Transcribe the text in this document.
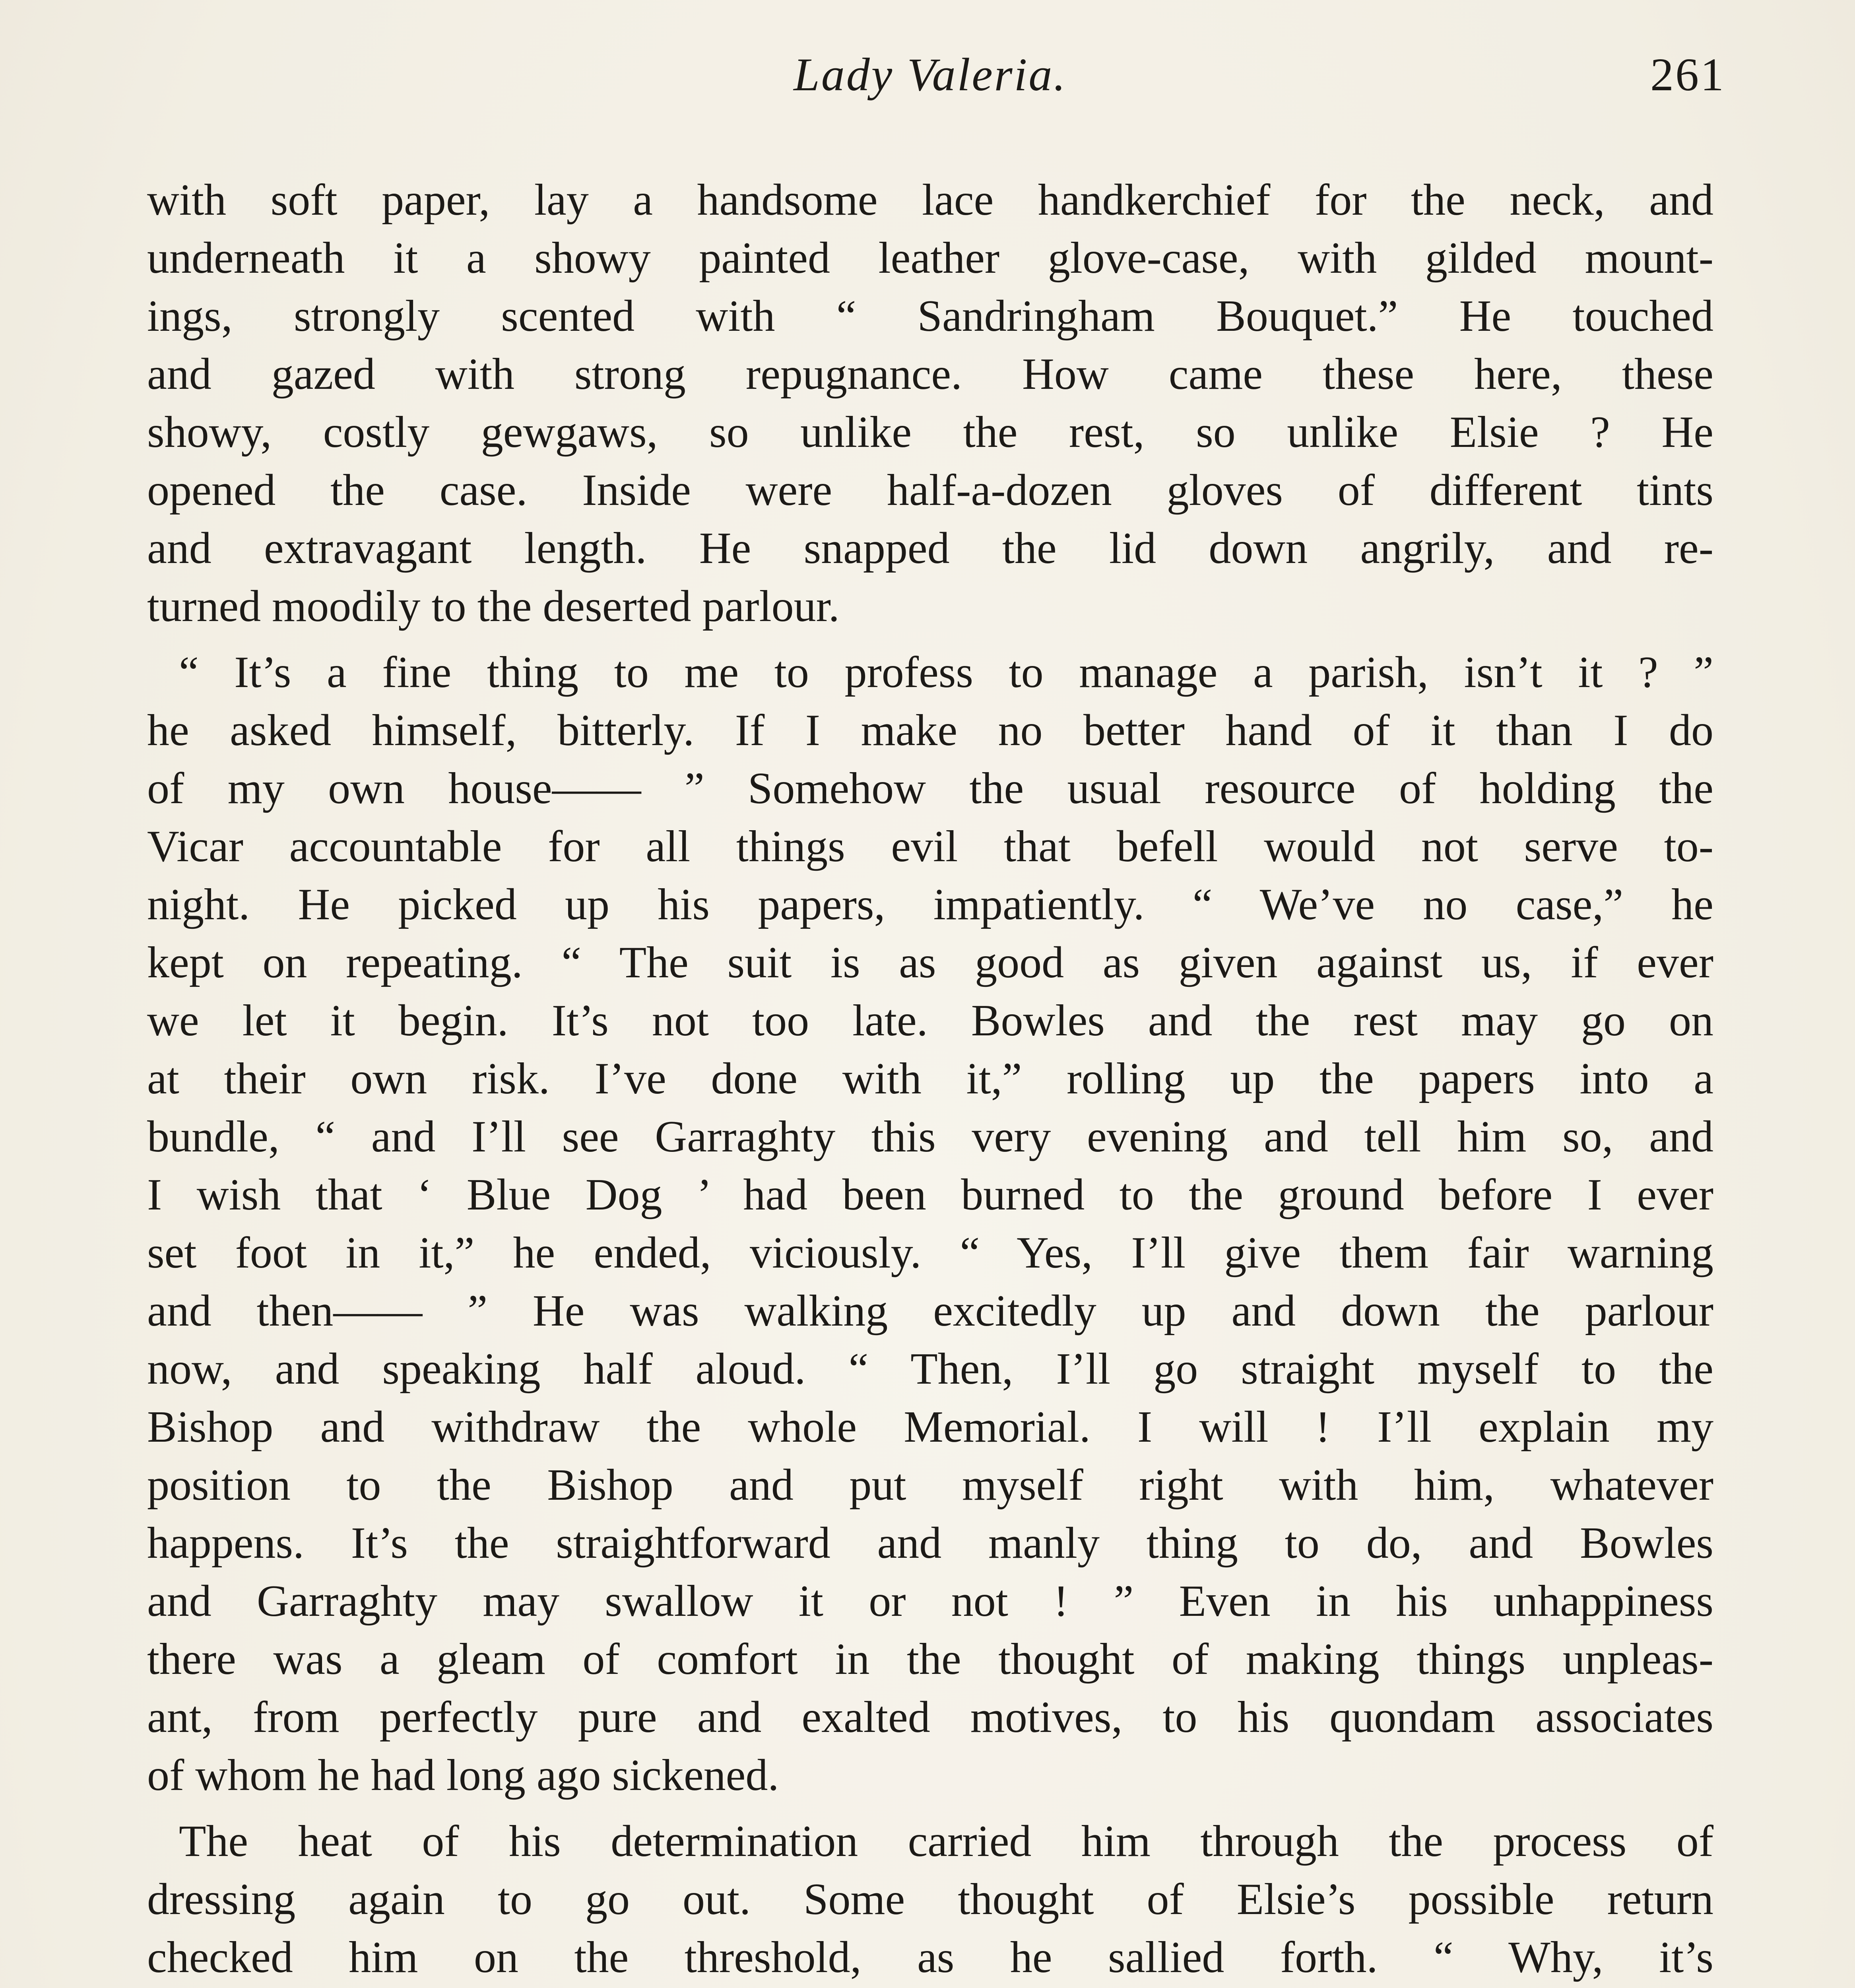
Lady Valeria.	261
with soft paper, lay a handsome lace handkerchief for the neck, and
underneath it a showy painted leather glove-case, with gilded mount-
ings, strongly scented with “ Sandringham Bouquet.” He touched
and gazed with strong repugnance. How came these here, these
showy, costly gewgaws, so unlike the rest, so unlike Elsie ? He
opened the case. Inside were half-a-dozen gloves of different tints
and extravagant length. He snapped the lid down angrily, and re-
turned moodily to the deserted parlour.
“ It’s a fine thing to me to profess to manage a parish, isn’t it ? ”
he asked himself, bitterly. If I make no better hand of it than I do
of my own house—— ” Somehow the usual resource of holding the
Vicar accountable for all things evil that befell would not serve to-
night. He picked up his papers, impatiently. “ We’ve no case,” he
kept on repeating. “ The suit is as good as given against us, if ever
we let it begin. It’s not too late. Bowles and the rest may go on
at their own risk. I’ve done with it,” rolling up the papers into a
bundle, “ and I’ll see Garraghty this very evening and tell him so, and
I wish that ‘ Blue Dog ’ had been burned to the ground before I ever
set foot in it,” he ended, viciously. “ Yes, I’ll give them fair warning
and then—— ” He was walking excitedly up and down the parlour
now, and speaking half aloud. “ Then, I’ll go straight myself to the
Bishop and withdraw the whole Memorial. I will ! I’ll explain my
position to the Bishop and put myself right with him, whatever
happens. It’s the straightforward and manly thing to do, and Bowles
and Garraghty may swallow it or not ! ” Even in his unhappiness
there was a gleam of comfort in the thought of making things unpleas-
ant, from perfectly pure and exalted motives, to his quondam associates
of whom he had long ago sickened.
The heat of his determination carried him through the process of
dressing again to go out. Some thought of Elsie’s possible return
checked him on the threshold, as he sallied forth. “ Why, it’s
